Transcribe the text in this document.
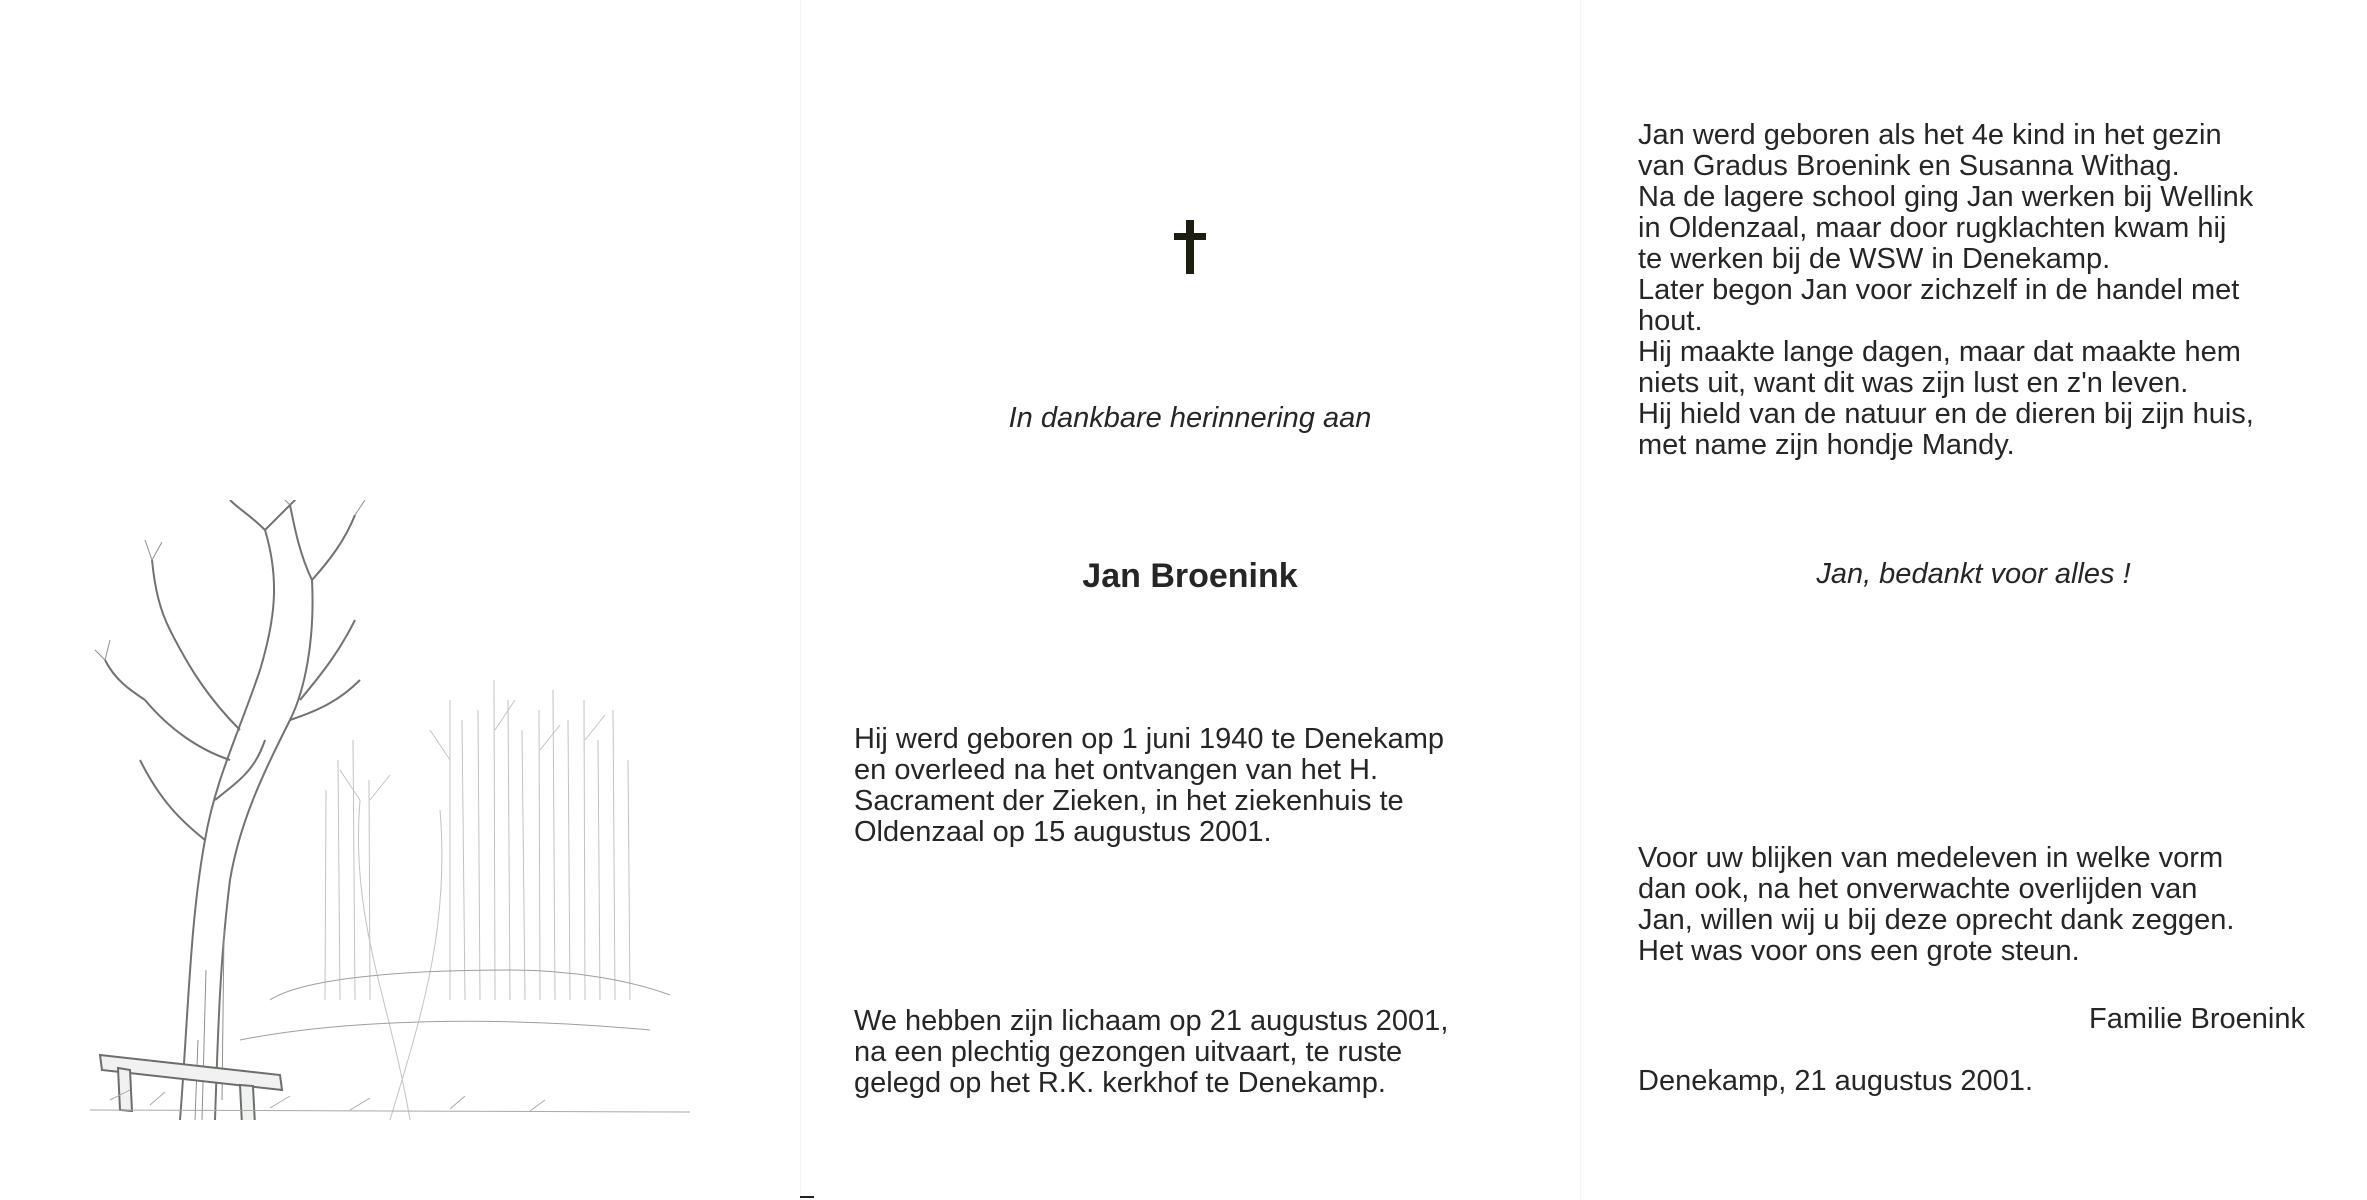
In dankbare herinnering aan
Jan Broenink

Hij werd geboren op 1 juni 1940 te Denekamp

en overleed na het ontvangen van het H.

Sacrament der Zieken, in het ziekenhuis te

Oldenzaal op 15 augustus 2001.

We hebben zijn lichaam op 21 augustus 2001,

na een plechtig gezongen uitvaart, te ruste

gelegd op het R.K. kerkhof te Denekamp.

Jan werd geboren als het 4e kind in het gezin

van Gradus Broenink en Susanna Withag.

Na de lagere school ging Jan werken bij Wellink

in Oldenzaal, maar door rugklachten kwam hij

te werken bij de WSW in Denekamp.

Later begon Jan voor zichzelf in de handel met

hout.

Hij maakte lange dagen, maar dat maakte hem

niets uit, want dit was zijn lust en z'n leven.

Hij hield van de natuur en de dieren bij zijn huis,

met name zijn hondje Mandy.

Jan, bedankt voor alles !

Voor uw blijken van medeleven in welke vorm

dan ook, na het onverwachte overlijden van

Jan, willen wij u bij deze oprecht dank zeggen.

Het was voor ons een grote steun.

Familie Broenink
Denekamp, 21 augustus 2001.
